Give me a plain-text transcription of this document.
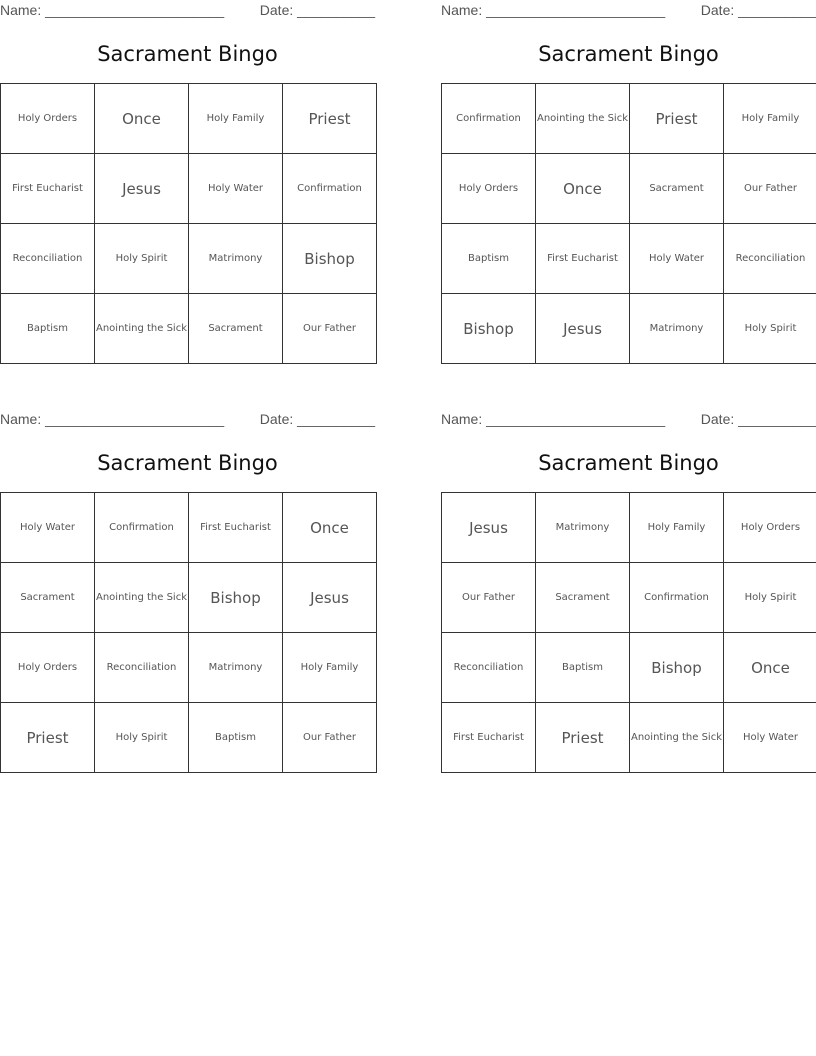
Name: _______________________	Date: __________
Sacrament Bingo
Holy Orders	Once	Holy Family	Priest
First Eucharist	Jesus	Holy Water	Confirmation
Reconciliation	Holy Spirit	Matrimony	Bishop
Baptism	Anointing the Sick	Sacrament	Our Father
Name: _______________________	Date: __________
Sacrament Bingo
Confirmation	Anointing the Sick	Priest	Holy Family
Holy Orders	Once	Sacrament	Our Father
Baptism	First Eucharist	Holy Water	Reconciliation
Bishop	Jesus	Matrimony	Holy Spirit
Name: _______________________	Date: __________
Sacrament Bingo
Holy Water	Confirmation	First Eucharist	Once
Sacrament	Anointing the Sick	Bishop	Jesus
Holy Orders	Reconciliation	Matrimony	Holy Family
Priest	Holy Spirit	Baptism	Our Father
Name: _______________________	Date: __________
Sacrament Bingo
Jesus	Matrimony	Holy Family	Holy Orders
Our Father	Sacrament	Confirmation	Holy Spirit
Reconciliation	Baptism	Bishop	Once
First Eucharist	Priest	Anointing the Sick	Holy Water
